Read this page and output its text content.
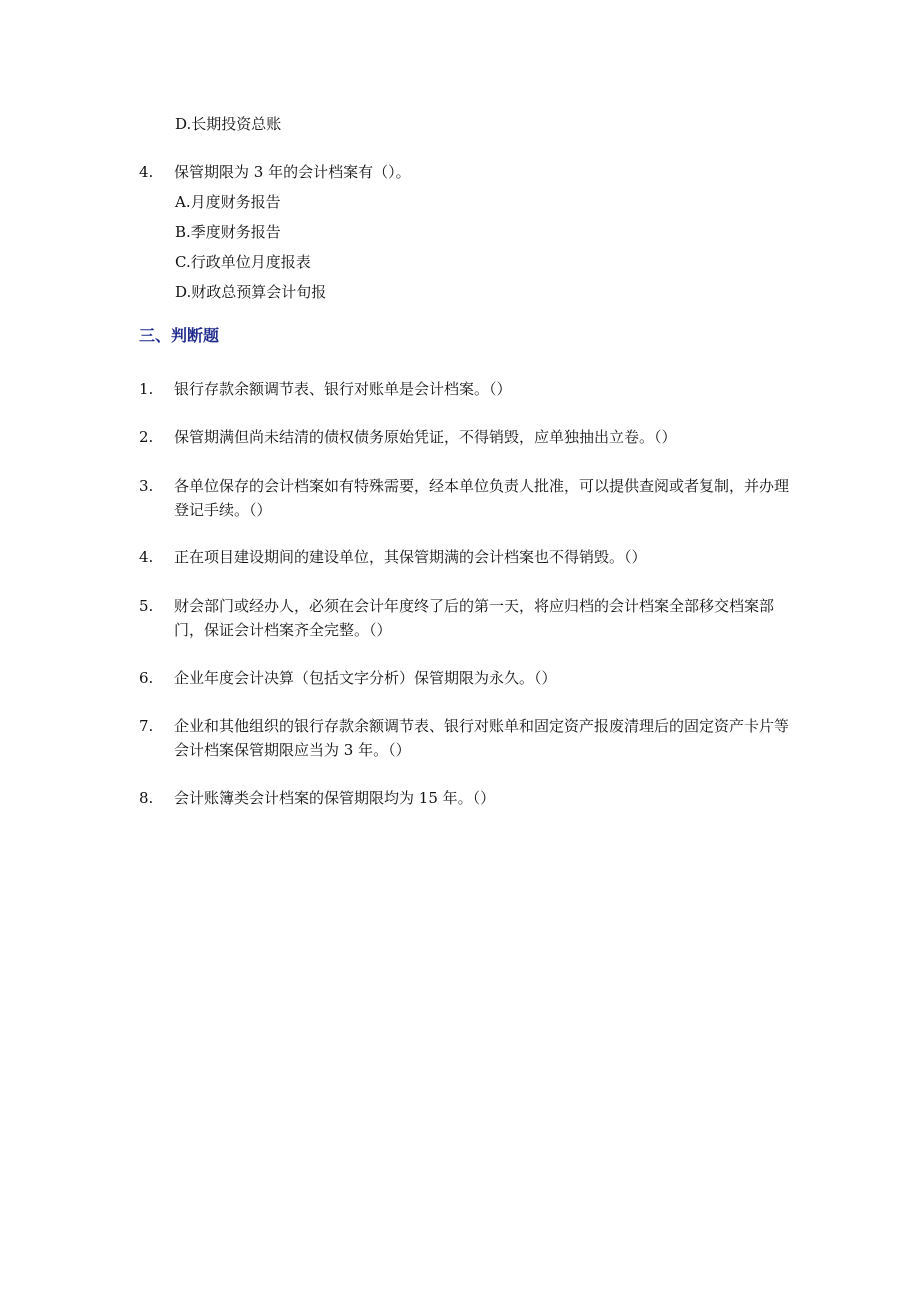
D.长期投资总账
4.	保管期限为 3 年的会计档案有（）。
A.月度财务报告
B.季度财务报告
C.行政单位月度报表
D.财政总预算会计旬报
三、判断题
1.	银行存款余额调节表、银行对账单是会计档案。（）
2.	保管期满但尚未结清的债权债务原始凭证，不得销毁，应单独抽出立卷。（）
3.	各单位保存的会计档案如有特殊需要，经本单位负责人批准，可以提供查阅或者复制，并办理登记手续。（）
4.	正在项目建设期间的建设单位，其保管期满的会计档案也不得销毁。（）
5.	财会部门或经办人，必须在会计年度终了后的第一天，将应归档的会计档案全部移交档案部门，保证会计档案齐全完整。（）
6.	企业年度会计决算（包括文字分析）保管期限为永久。（）
7.	企业和其他组织的银行存款余额调节表、银行对账单和固定资产报废清理后的固定资产卡片等会计档案保管期限应当为 3 年。（）
8.	会计账簿类会计档案的保管期限均为 15 年。（）
